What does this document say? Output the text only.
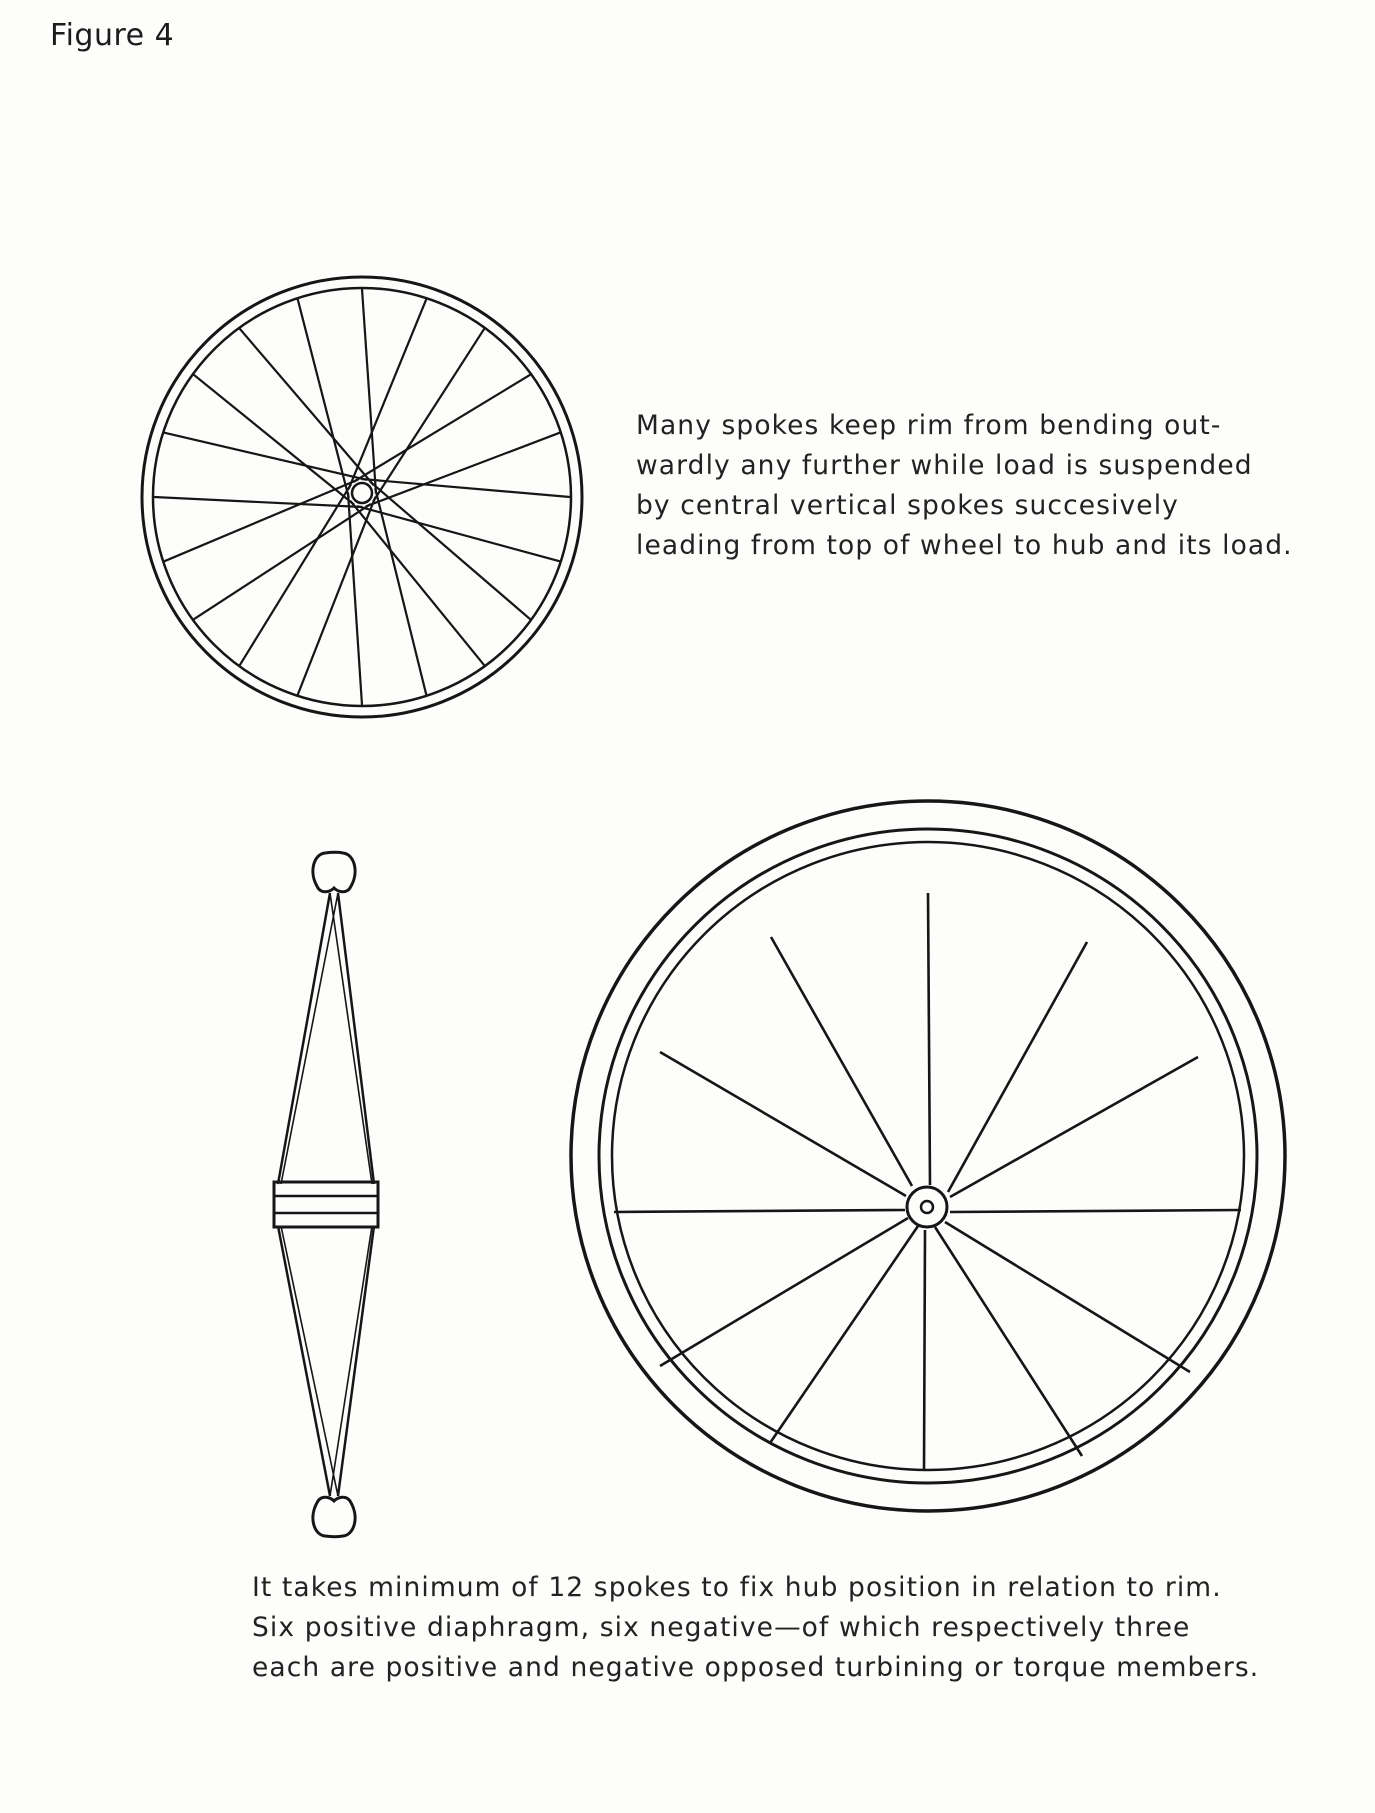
Figure 4
Many spokes keep rim from bending out-
wardly any further while load is suspended
by central vertical spokes succesively
leading from top of wheel to hub and its load.
It takes minimum of 12 spokes to fix hub position in relation to rim.
Six positive diaphragm, six negative—of which respectively three
each are positive and negative opposed turbining or torque members.
